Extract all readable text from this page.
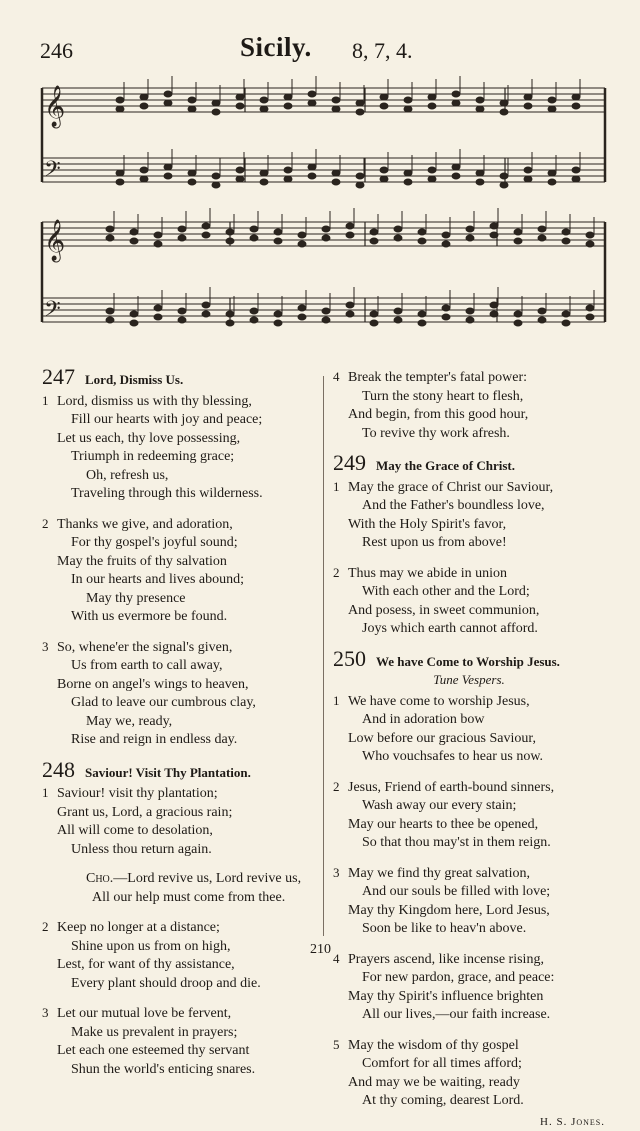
246	Sicily. 8, 7, 4.
𝄞
𝄢
𝄞
𝄢
247 Lord, Dismiss Us.
1 Lord, dismiss us with thy blessing,
Fill our hearts with joy and peace;
Let us each, thy love possessing,
Triumph in redeeming grace;
Oh, refresh us,
Traveling through this wilderness.
2 Thanks we give, and adoration,
For thy gospel's joyful sound;
May the fruits of thy salvation
In our hearts and lives abound;
May thy presence
With us evermore be found.
3 So, whene'er the signal's given,
Us from earth to call away,
Borne on angel's wings to heaven,
Glad to leave our cumbrous clay,
May we, ready,
Rise and reign in endless day.
248 Saviour! Visit Thy Plantation.
1 Saviour! visit thy plantation;
Grant us, Lord, a gracious rain;
All will come to desolation,
Unless thou return again.
Cho.—Lord revive us, Lord revive us,
All our help must come from thee.
2 Keep no longer at a distance;
Shine upon us from on high,
Lest, for want of thy assistance,
Every plant should droop and die.
3 Let our mutual love be fervent,
Make us prevalent in prayers;
Let each one esteemed thy servant
Shun the world's enticing snares.
4 Break the tempter's fatal power:
Turn the stony heart to flesh,
And begin, from this good hour,
To revive thy work afresh.
249 May the Grace of Christ.
1 May the grace of Christ our Saviour,
And the Father's boundless love,
With the Holy Spirit's favor,
Rest upon us from above!
2 Thus may we abide in union
With each other and the Lord;
And posess, in sweet communion,
Joys which earth cannot afford.
250 We have Come to Worship Jesus.
Tune Vespers.
1 We have come to worship Jesus,
And in adoration bow
Low before our gracious Saviour,
Who vouchsafes to hear us now.
2 Jesus, Friend of earth-bound sinners,
Wash away our every stain;
May our hearts to thee be opened,
So that thou may'st in them reign.
3 May we find thy great salvation,
And our souls be filled with love;
May thy Kingdom here, Lord Jesus,
Soon be like to heav'n above.
4 Prayers ascend, like incense rising,
For new pardon, grace, and peace:
May thy Spirit's influence brighten
All our lives,—our faith increase.
5 May the wisdom of thy gospel
Comfort for all times afford;
And may we be waiting, ready
At thy coming, dearest Lord.
H. S. Jones.
210
